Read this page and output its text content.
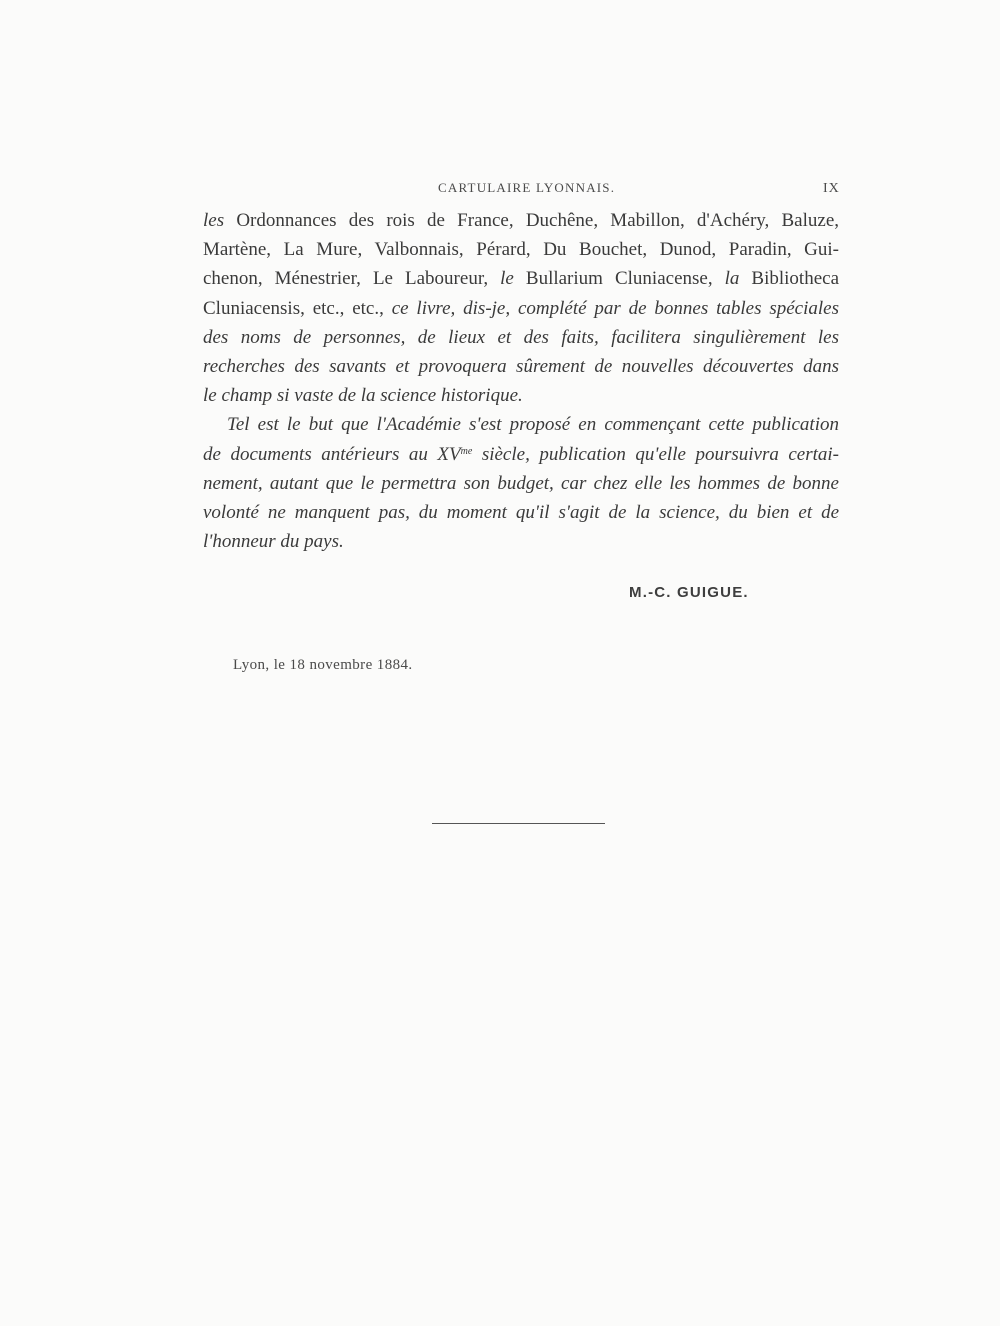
CARTULAIRE LYONNAIS.	IX
les Ordonnances des rois de France, Duchêne, Mabillon, d'Achéry, Baluze,
Martène, La Mure, Valbonnais, Pérard, Du Bouchet, Dunod, Paradin, Gui-
chenon, Ménestrier, Le Laboureur, le Bullarium Cluniacense, la Bibliotheca
Cluniacensis, etc., etc., ce livre, dis-je, complété par de bonnes tables spéciales
des noms de personnes, de lieux et des faits, facilitera singulièrement les
recherches des savants et provoquera sûrement de nouvelles découvertes dans
le champ si vaste de la science historique.
Tel est le but que l'Académie s'est proposé en commençant cette publication
de documents antérieurs au $XV^{me}$ siècle, publication qu'elle poursuivra certai-
nement, autant que le permettra son budget, car chez elle les hommes de bonne
volonté ne manquent pas, du moment qu'il s'agit de la science, du bien et de
l'honneur du pays.
M.-C. GUIGUE.
Lyon, le 18 novembre 1884.
